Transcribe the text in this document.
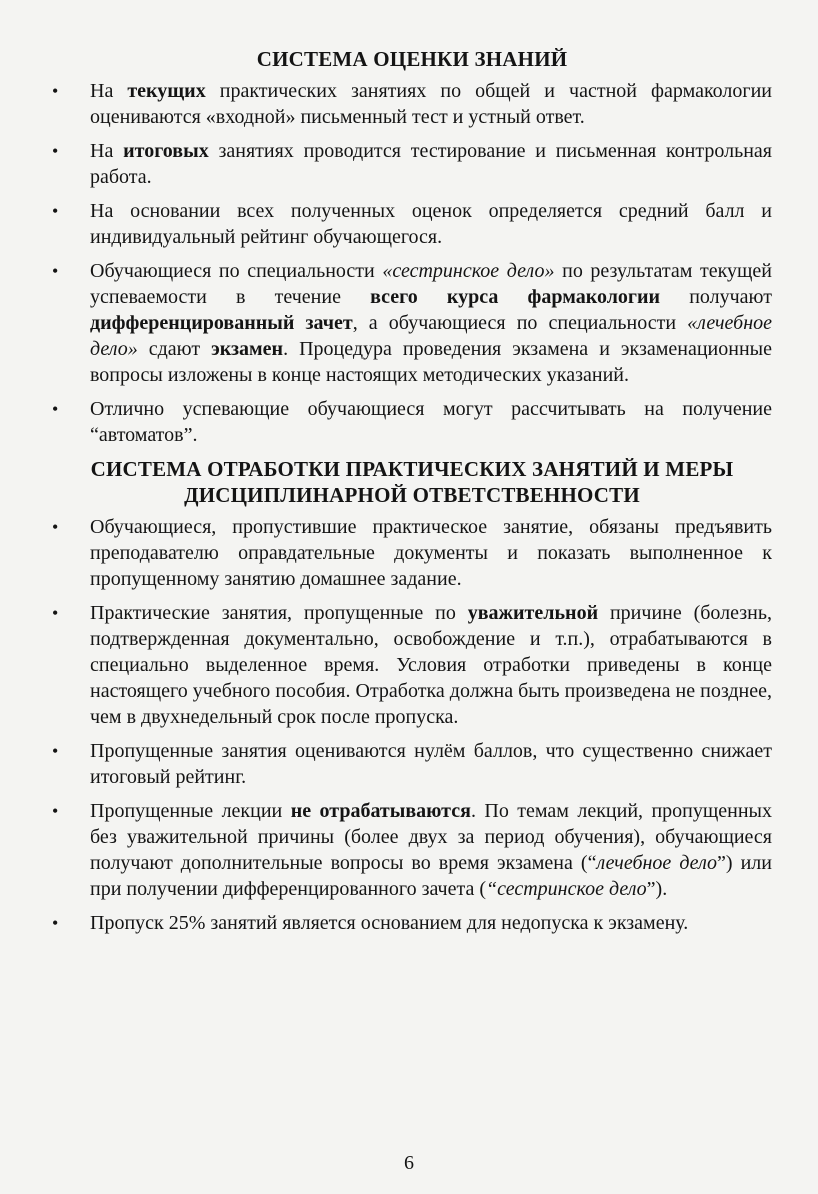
СИСТЕМА ОЦЕНКИ ЗНАНИЙ
• На текущих практических занятиях по общей и частной фармакологии оцениваются «входной» письменный тест и устный ответ.
• На итоговых занятиях проводится тестирование и письменная контрольная работа.
• На основании всех полученных оценок определяется средний балл и индивидуальный рейтинг обучающегося.
• Обучающиеся по специальности «сестринское дело» по результатам текущей успеваемости в течение всего курса фармакологии получают дифференцированный зачет, а обучающиеся по специальности «лечебное дело» сдают экзамен. Процедура проведения экзамена и экзаменационные вопросы изложены в конце настоящих методических указаний.
• Отлично успевающие обучающиеся могут рассчитывать на получение “автоматов”.
СИСТЕМА ОТРАБОТКИ ПРАКТИЧЕСКИХ ЗАНЯТИЙ И МЕРЫ ДИСЦИПЛИНАРНОЙ ОТВЕТСТВЕННОСТИ
• Обучающиеся, пропустившие практическое занятие, обязаны предъявить преподавателю оправдательные документы и показать выполненное к пропущенному занятию домашнее задание.
• Практические занятия, пропущенные по уважительной причине (болезнь, подтвержденная документально, освобождение и т.п.), отрабатываются в специально выделенное время. Условия отработки приведены в конце настоящего учебного пособия. Отработка должна быть произведена не позднее, чем в двухнедельный срок после пропуска.
• Пропущенные занятия оцениваются нулём баллов, что существенно снижает итоговый рейтинг.
• Пропущенные лекции не отрабатываются. По темам лекций, пропущенных без уважительной причины (более двух за период обучения), обучающиеся получают дополнительные вопросы во время экзамена (“лечебное дело”) или при получении дифференцированного зачета (“сестринское дело”).
• Пропуск 25% занятий является основанием для недопуска к экзамену.
6
